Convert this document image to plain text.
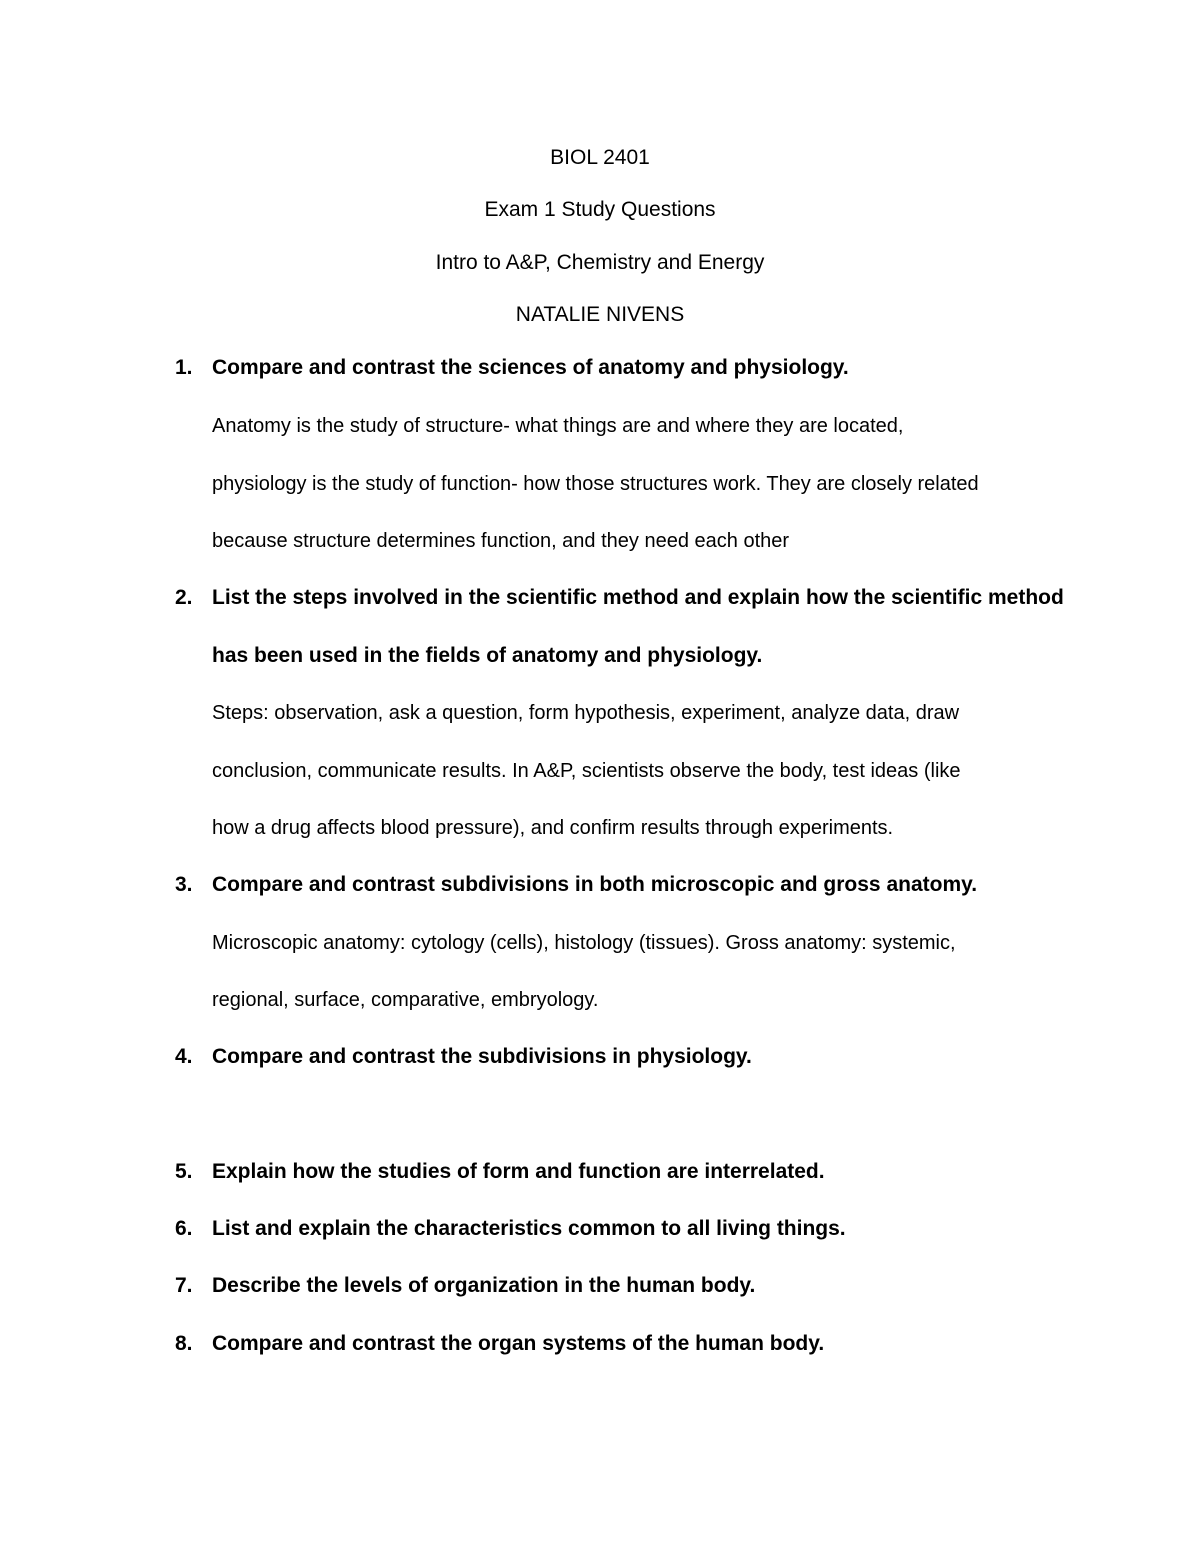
BIOL 2401
Exam 1 Study Questions
Intro to A&P, Chemistry and Energy
NATALIE NIVENS
1. Compare and contrast the sciences of anatomy and physiology.
Anatomy is the study of structure- what things are and where they are located,
physiology is the study of function- how those structures work. They are closely related
because structure determines function, and they need each other
2. List the steps involved in the scientific method and explain how the scientific method
has been used in the fields of anatomy and physiology.
Steps: observation, ask a question, form hypothesis, experiment, analyze data, draw
conclusion, communicate results. In A&P, scientists observe the body, test ideas (like
how a drug affects blood pressure), and confirm results through experiments.
3. Compare and contrast subdivisions in both microscopic and gross anatomy.
Microscopic anatomy: cytology (cells), histology (tissues). Gross anatomy: systemic,
regional, surface, comparative, embryology.
4. Compare and contrast the subdivisions in physiology.
5. Explain how the studies of form and function are interrelated.
6. List and explain the characteristics common to all living things.
7. Describe the levels of organization in the human body.
8. Compare and contrast the organ systems of the human body.
